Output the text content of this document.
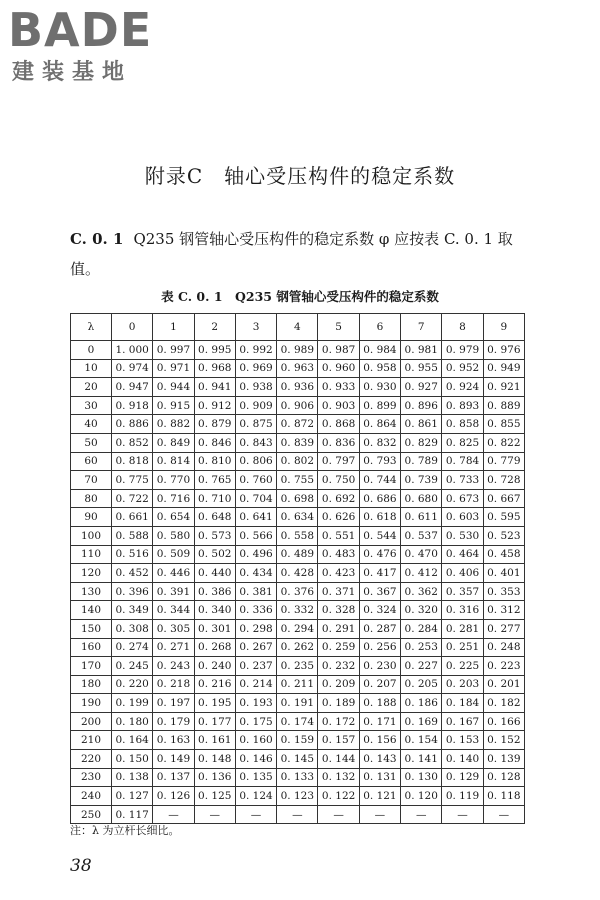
BADE
建装基地
附录C　轴心受压构件的稳定系数
C. 0. 1 Q235 钢管轴心受压构件的稳定系数 φ 应按表 C. 0. 1 取值。
表 C. 0. 1　Q235 钢管轴心受压构件的稳定系数
λ	0	1	2	3	4	5	6	7	8	9
0	1. 000	0. 997	0. 995	0. 992	0. 989	0. 987	0. 984	0. 981	0. 979	0. 976
10	0. 974	0. 971	0. 968	0. 969	0. 963	0. 960	0. 958	0. 955	0. 952	0. 949
20	0. 947	0. 944	0. 941	0. 938	0. 936	0. 933	0. 930	0. 927	0. 924	0. 921
30	0. 918	0. 915	0. 912	0. 909	0. 906	0. 903	0. 899	0. 896	0. 893	0. 889
40	0. 886	0. 882	0. 879	0. 875	0. 872	0. 868	0. 864	0. 861	0. 858	0. 855
50	0. 852	0. 849	0. 846	0. 843	0. 839	0. 836	0. 832	0. 829	0. 825	0. 822
60	0. 818	0. 814	0. 810	0. 806	0. 802	0. 797	0. 793	0. 789	0. 784	0. 779
70	0. 775	0. 770	0. 765	0. 760	0. 755	0. 750	0. 744	0. 739	0. 733	0. 728
80	0. 722	0. 716	0. 710	0. 704	0. 698	0. 692	0. 686	0. 680	0. 673	0. 667
90	0. 661	0. 654	0. 648	0. 641	0. 634	0. 626	0. 618	0. 611	0. 603	0. 595
100	0. 588	0. 580	0. 573	0. 566	0. 558	0. 551	0. 544	0. 537	0. 530	0. 523
110	0. 516	0. 509	0. 502	0. 496	0. 489	0. 483	0. 476	0. 470	0. 464	0. 458
120	0. 452	0. 446	0. 440	0. 434	0. 428	0. 423	0. 417	0. 412	0. 406	0. 401
130	0. 396	0. 391	0. 386	0. 381	0. 376	0. 371	0. 367	0. 362	0. 357	0. 353
140	0. 349	0. 344	0. 340	0. 336	0. 332	0. 328	0. 324	0. 320	0. 316	0. 312
150	0. 308	0. 305	0. 301	0. 298	0. 294	0. 291	0. 287	0. 284	0. 281	0. 277
160	0. 274	0. 271	0. 268	0. 267	0. 262	0. 259	0. 256	0. 253	0. 251	0. 248
170	0. 245	0. 243	0. 240	0. 237	0. 235	0. 232	0. 230	0. 227	0. 225	0. 223
180	0. 220	0. 218	0. 216	0. 214	0. 211	0. 209	0. 207	0. 205	0. 203	0. 201
190	0. 199	0. 197	0. 195	0. 193	0. 191	0. 189	0. 188	0. 186	0. 184	0. 182
200	0. 180	0. 179	0. 177	0. 175	0. 174	0. 172	0. 171	0. 169	0. 167	0. 166
210	0. 164	0. 163	0. 161	0. 160	0. 159	0. 157	0. 156	0. 154	0. 153	0. 152
220	0. 150	0. 149	0. 148	0. 146	0. 145	0. 144	0. 143	0. 141	0. 140	0. 139
230	0. 138	0. 137	0. 136	0. 135	0. 133	0. 132	0. 131	0. 130	0. 129	0. 128
240	0. 127	0. 126	0. 125	0. 124	0. 123	0. 122	0. 121	0. 120	0. 119	0. 118
250	0. 117	—	—	—	—	—	—	—	—	—
注：λ 为立杆长细比。
38
